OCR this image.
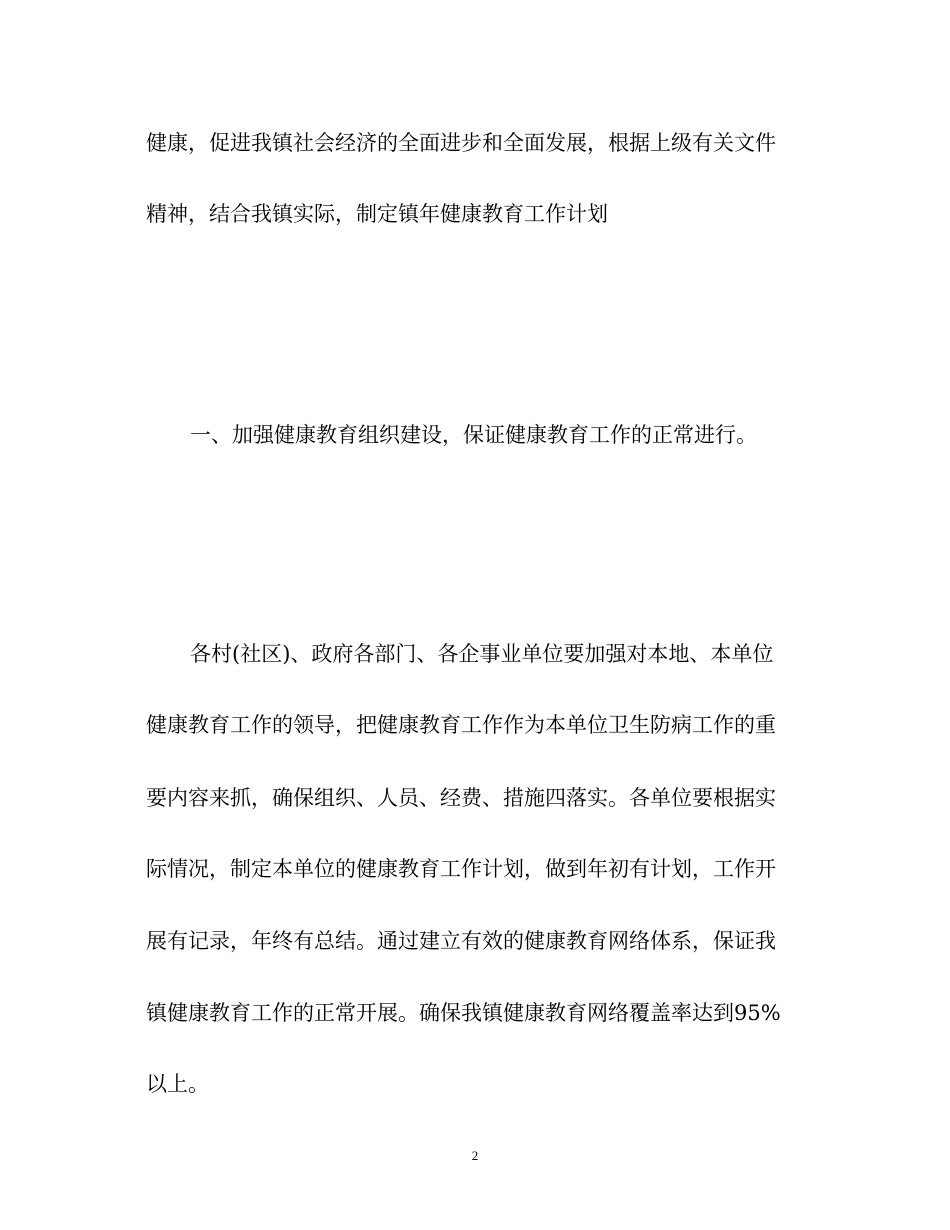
健康，促进我镇社会经济的全面进步和全面发展，根据上级有关文件
精神，结合我镇实际，制定镇年健康教育工作计划
一、加强健康教育组织建设，保证健康教育工作的正常进行。
各村(社区)、政府各部门、各企事业单位要加强对本地、本单位
健康教育工作的领导，把健康教育工作作为本单位卫生防病工作的重
要内容来抓，确保组织、人员、经费、措施四落实。各单位要根据实
际情况，制定本单位的健康教育工作计划，做到年初有计划，工作开
展有记录，年终有总结。通过建立有效的健康教育网络体系，保证我
镇健康教育工作的正常开展。确保我镇健康教育网络覆盖率达到95%
以上。
2
